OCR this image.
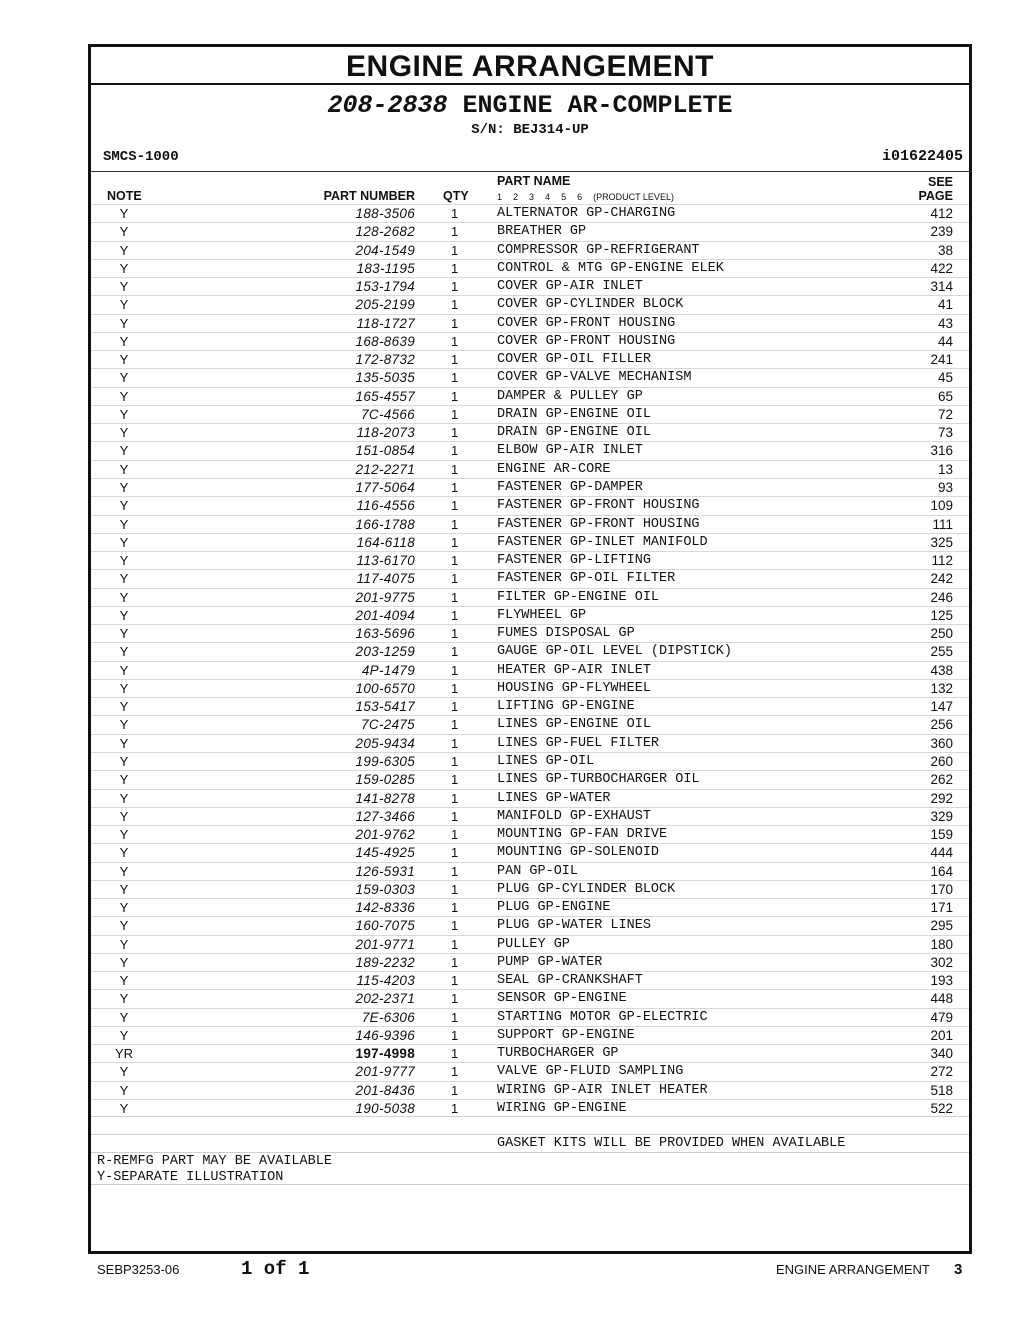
ENGINE ARRANGEMENT
208-2838 ENGINE AR-COMPLETE
S/N: BEJ314-UP
SMCS-1000	i01622405
NOTE	PART NUMBER QTY
PART NAME
1 2 3 4 5 6 (PRODUCT LEVEL)
SEE
PAGE
Y	188-3506	1	ALTERNATOR GP-CHARGING	412
Y	128-2682	1	BREATHER GP	239
Y	204-1549	1	COMPRESSOR GP-REFRIGERANT	38
Y	183-1195	1	CONTROL & MTG GP-ENGINE ELEK	422
Y	153-1794	1	COVER GP-AIR INLET	314
Y	205-2199	1	COVER GP-CYLINDER BLOCK	41
Y	118-1727	1	COVER GP-FRONT HOUSING	43
Y	168-8639	1	COVER GP-FRONT HOUSING	44
Y	172-8732	1	COVER GP-OIL FILLER	241
Y	135-5035	1	COVER GP-VALVE MECHANISM	45
Y	165-4557	1	DAMPER & PULLEY GP	65
Y	7C-4566	1	DRAIN GP-ENGINE OIL	72
Y	118-2073	1	DRAIN GP-ENGINE OIL	73
Y	151-0854	1	ELBOW GP-AIR INLET	316
Y	212-2271	1	ENGINE AR-CORE	13
Y	177-5064	1	FASTENER GP-DAMPER	93
Y	116-4556	1	FASTENER GP-FRONT HOUSING	109
Y	166-1788	1	FASTENER GP-FRONT HOUSING	111
Y	164-6118	1	FASTENER GP-INLET MANIFOLD	325
Y	113-6170	1	FASTENER GP-LIFTING	112
Y	117-4075	1	FASTENER GP-OIL FILTER	242
Y	201-9775	1	FILTER GP-ENGINE OIL	246
Y	201-4094	1	FLYWHEEL GP	125
Y	163-5696	1	FUMES DISPOSAL GP	250
Y	203-1259	1	GAUGE GP-OIL LEVEL (DIPSTICK)	255
Y	4P-1479	1	HEATER GP-AIR INLET	438
Y	100-6570	1	HOUSING GP-FLYWHEEL	132
Y	153-5417	1	LIFTING GP-ENGINE	147
Y	7C-2475	1	LINES GP-ENGINE OIL	256
Y	205-9434	1	LINES GP-FUEL FILTER	360
Y	199-6305	1	LINES GP-OIL	260
Y	159-0285	1	LINES GP-TURBOCHARGER OIL	262
Y	141-8278	1	LINES GP-WATER	292
Y	127-3466	1	MANIFOLD GP-EXHAUST	329
Y	201-9762	1	MOUNTING GP-FAN DRIVE	159
Y	145-4925	1	MOUNTING GP-SOLENOID	444
Y	126-5931	1	PAN GP-OIL	164
Y	159-0303	1	PLUG GP-CYLINDER BLOCK	170
Y	142-8336	1	PLUG GP-ENGINE	171
Y	160-7075	1	PLUG GP-WATER LINES	295
Y	201-9771	1	PULLEY GP	180
Y	189-2232	1	PUMP GP-WATER	302
Y	115-4203	1	SEAL GP-CRANKSHAFT	193
Y	202-2371	1	SENSOR GP-ENGINE	448
Y	7E-6306	1	STARTING MOTOR GP-ELECTRIC	479
Y	146-9396	1	SUPPORT GP-ENGINE	201
YR	197-4998	1	TURBOCHARGER GP	340
Y	201-9777	1	VALVE GP-FLUID SAMPLING	272
Y	201-8436	1	WIRING GP-AIR INLET HEATER	518
Y	190-5038	1	WIRING GP-ENGINE	522
GASKET KITS WILL BE PROVIDED WHEN AVAILABLE
R-REMFG PART MAY BE AVAILABLE
Y-SEPARATE ILLUSTRATION
SEBP3253-06	1 of 1	ENGINE ARRANGEMENT 3
